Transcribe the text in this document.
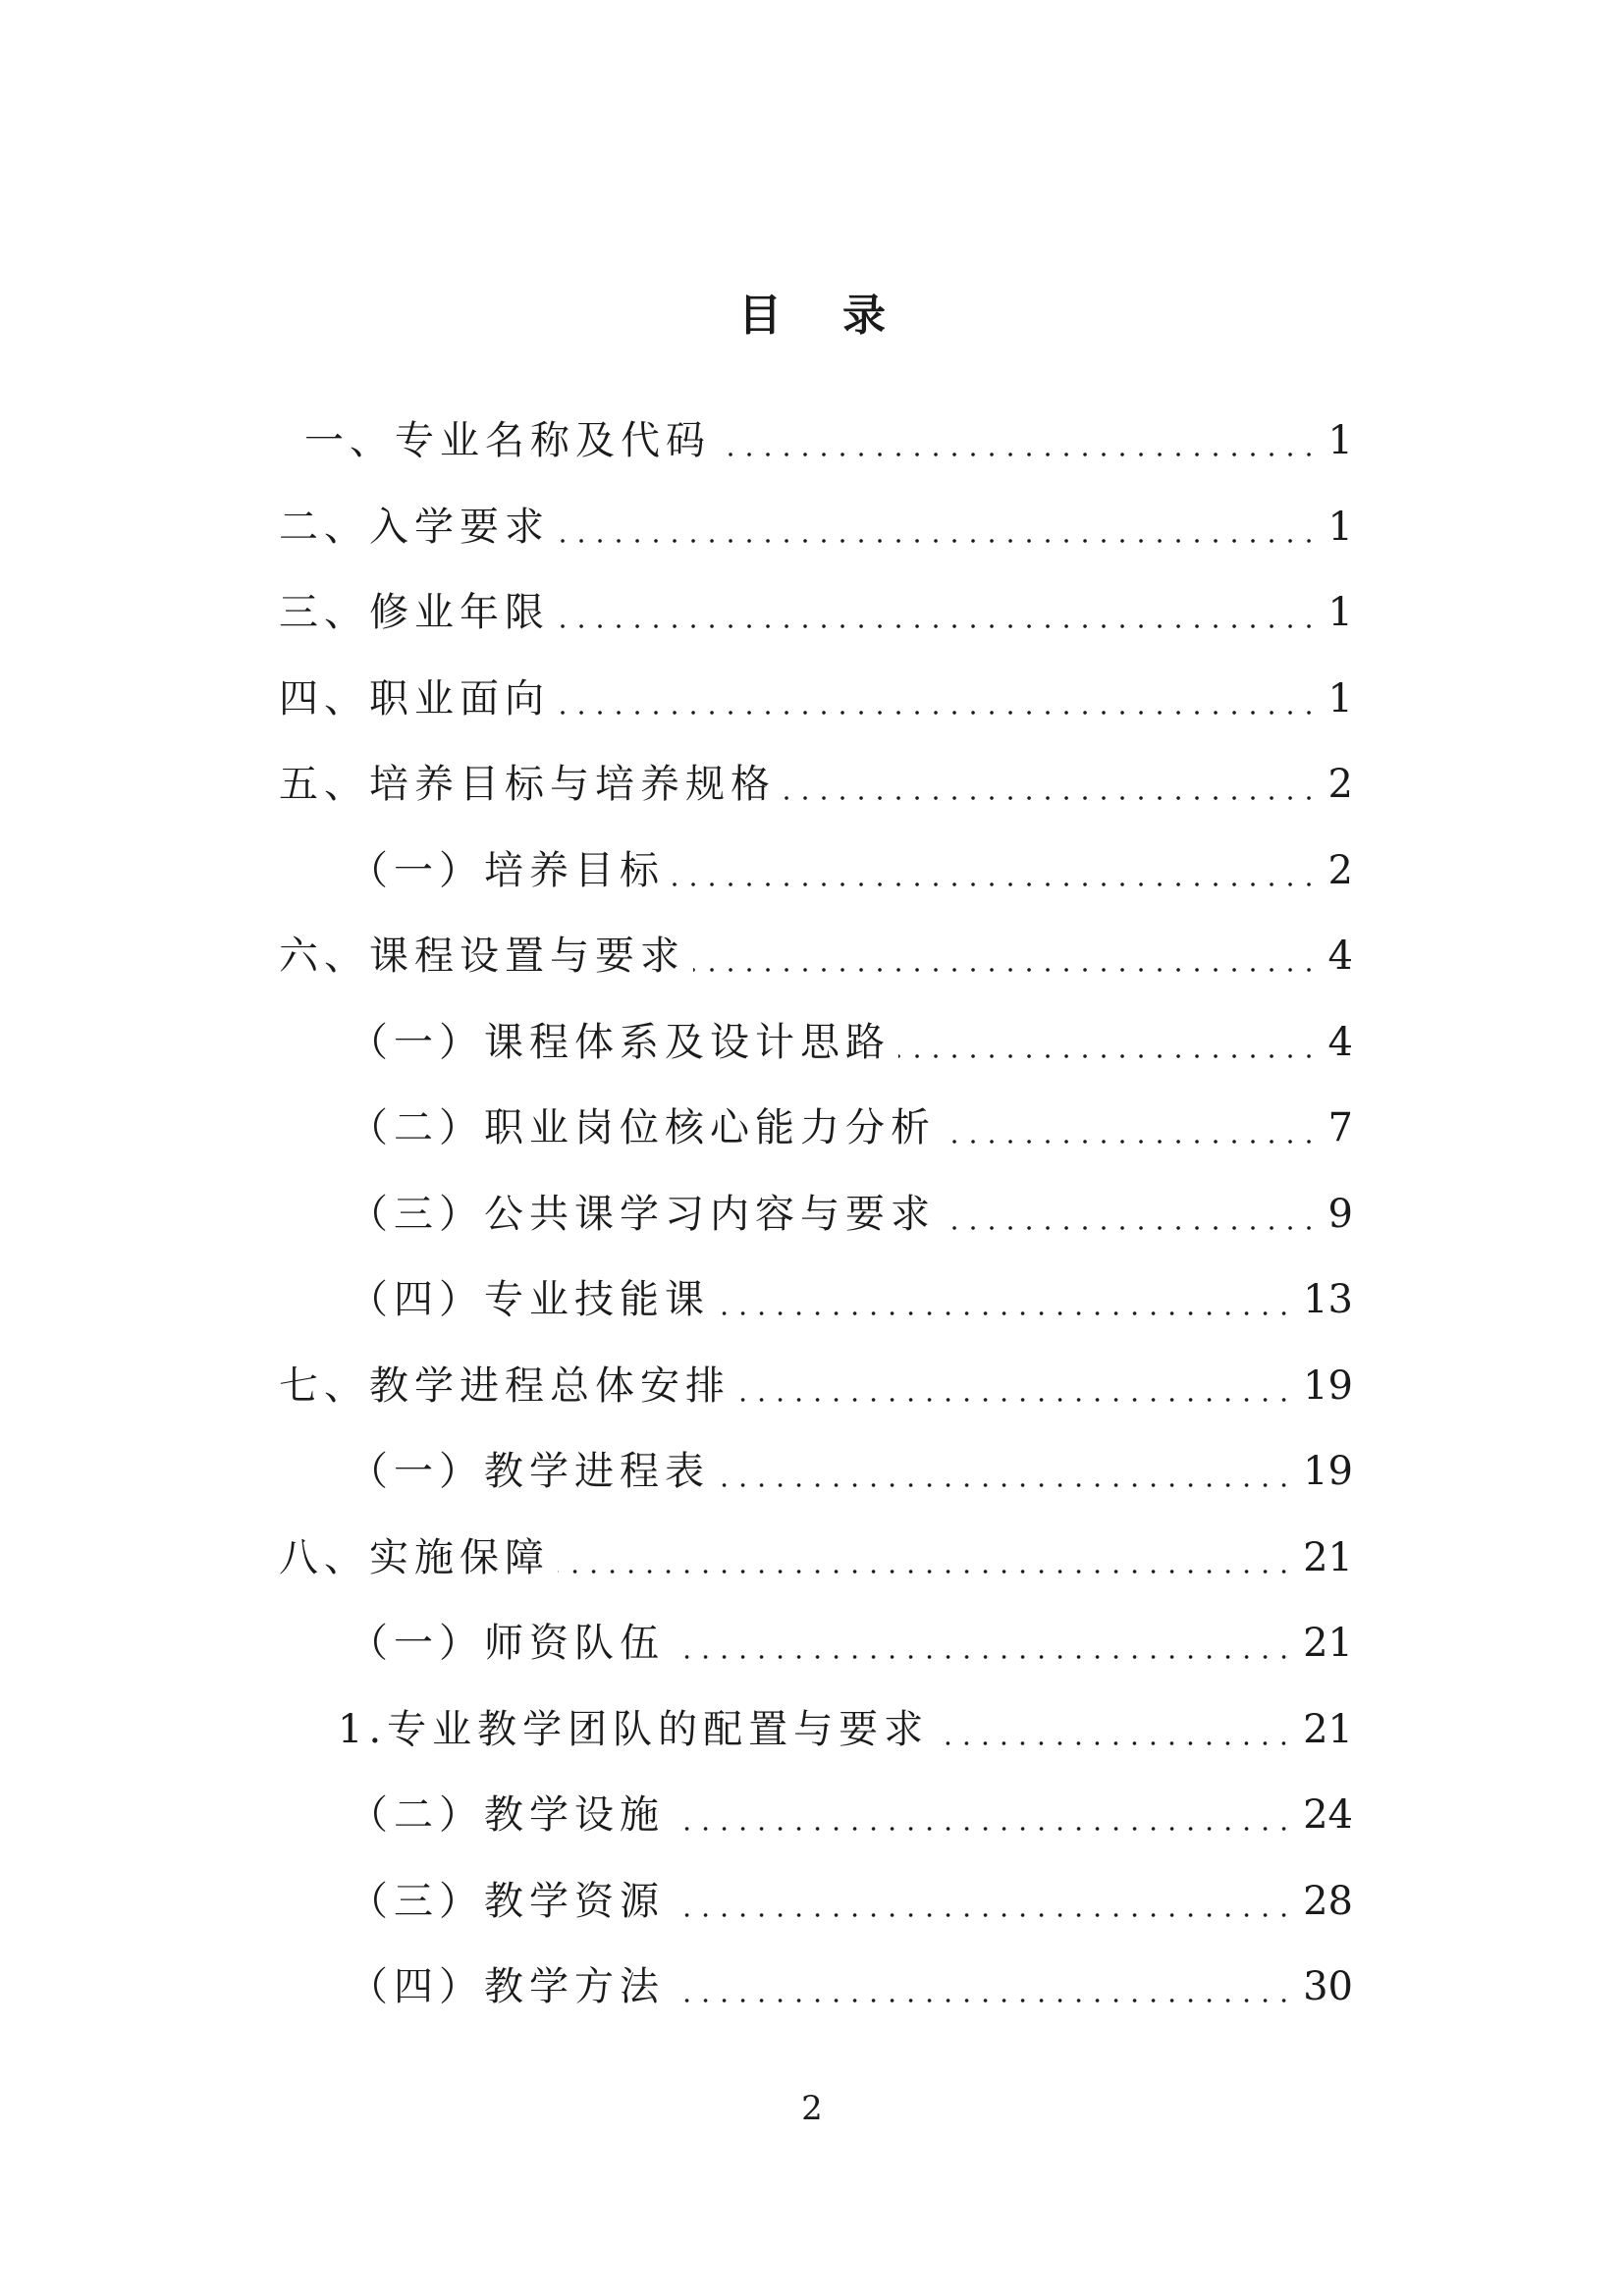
目录
一、专业名称及代码	1
二、入学要求	1
三、修业年限	1
四、职业面向	1
五、培养目标与培养规格	2
（一）培养目标	2
六、课程设置与要求	4
（一）课程体系及设计思路	4
（二）职业岗位核心能力分析	7
（三）公共课学习内容与要求	9
（四）专业技能课	13
七、教学进程总体安排	19
（一）教学进程表	19
八、实施保障	21
（一）师资队伍	21
1.专业教学团队的配置与要求	21
（二）教学设施	24
（三）教学资源	28
（四）教学方法	30
2
